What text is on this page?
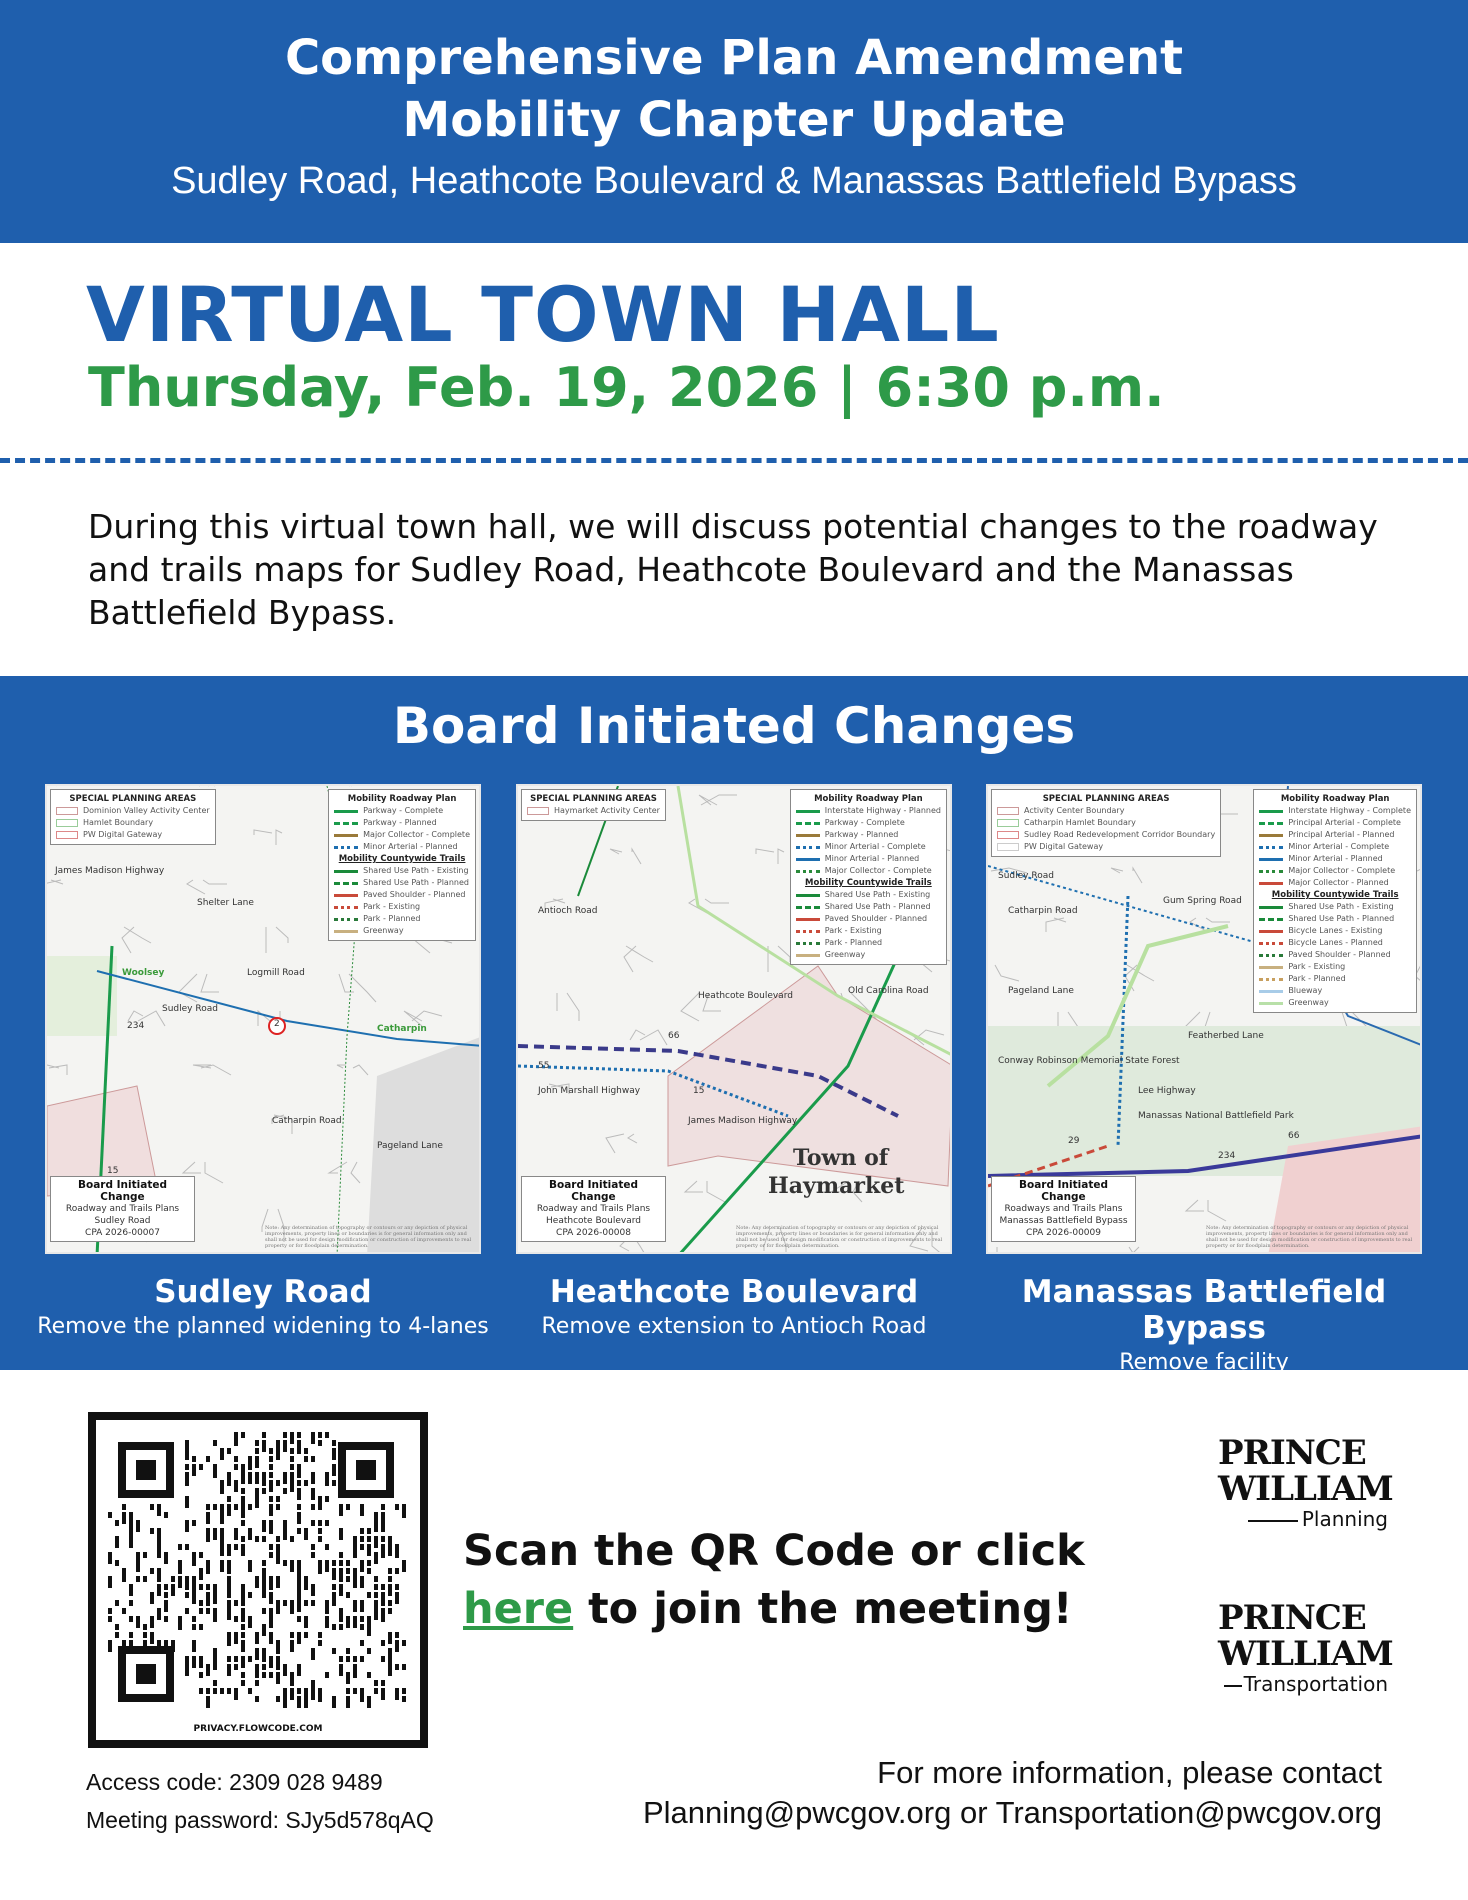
Comprehensive Plan Amendment
Mobility Chapter Update
Sudley Road, Heathcote Boulevard & Manassas Battlefield Bypass
VIRTUAL TOWN HALL
Thursday, Feb. 19, 2026 | 6:30 p.m.
During this virtual town hall, we will discuss potential changes to the roadway and trails maps for Sudley Road, Heathcote Boulevard and the Manassas Battlefield Bypass.
Board Initiated Changes
SPECIAL PLANNING AREAS
Dominion Valley Activity Center
Hamlet Boundary
PW Digital Gateway
Mobility Roadway Plan
Parkway - Complete
Parkway - Planned
Major Collector - Complete
Minor Arterial - Planned
Mobility Countywide Trails
Shared Use Path - Existing
Shared Use Path - Planned
Paved Shoulder - Planned
Park - Existing
Park - Planned
Greenway
Board Initiated Change
Roadway and Trails Plans
Sudley Road
CPA 2026-00007	Note: Any determination of topography or contours or any depiction of physical improvements, property lines or boundaries is for general information only and shall not be used for design modification or construction of improvements to real property or for floodplain determination.
James Madison Highway
Woolsey
Shelter Lane
Sudley Road
Logmill Road
Catharpin
Catharpin Road
Pageland Lane
234
15
2
Sudley Road
Remove the planned widening to 4-lanes
SPECIAL PLANNING AREAS
Haymarket Activity Center
Mobility Roadway Plan
Interstate Highway - Planned
Parkway - Complete
Parkway - Planned
Minor Arterial - Complete
Minor Arterial - Planned
Major Collector - Complete
Mobility Countywide Trails
Shared Use Path - Existing
Shared Use Path - Planned
Paved Shoulder - Planned
Park - Existing
Park - Planned
Greenway
Board Initiated Change
Roadway and Trails Plans
Heathcote Boulevard
CPA 2026-00008	Note: Any determination of topography or contours or any depiction of physical improvements, property lines or boundaries is for general information only and shall not be used for design modification or construction of improvements to real property or for floodplain determination.
Antioch Road
Heathcote Boulevard
John Marshall Highway
James Madison Highway
Old Carolina Road
Town of
Haymarket
66
55
15
Heathcote Boulevard
Remove extension to Antioch Road
SPECIAL PLANNING AREAS
Activity Center Boundary
Catharpin Hamlet Boundary
Sudley Road Redevelopment Corridor Boundary
PW Digital Gateway
Mobility Roadway Plan
Interstate Highway - Complete
Principal Arterial - Complete
Principal Arterial - Planned
Minor Arterial - Complete
Minor Arterial - Planned
Major Collector - Complete
Major Collector - Planned
Mobility Countywide Trails
Shared Use Path - Existing
Shared Use Path - Planned
Bicycle Lanes - Existing
Bicycle Lanes - Planned
Paved Shoulder - Planned
Park - Existing
Park - Planned
Blueway
Greenway
Board Initiated Change
Roadways and Trails Plans
Manassas Battlefield Bypass
CPA 2026-00009	Note: Any determination of topography or contours or any depiction of physical improvements, property lines or boundaries is for general information only and shall not be used for design modification or construction of improvements to real property or for floodplain determination.
Sudley Road
Catharpin Road
Pageland Lane
Gum Spring Road
Featherbed Lane
Lee Highway
Manassas National Battlefield Park
Conway Robinson Memorial State Forest
66
29
234
Manassas Battlefield Bypass
Remove facility
PRIVACY.FLOWCODE.COM
Scan the QR Code or click
here to join the meeting!
PRINCE WILLIAM
Planning
PRINCE WILLIAM
Transportation
Access code: 2309 028 9489
Meeting password: SJy5d578qAQ
For more information, please contact
Planning@pwcgov.org or Transportation@pwcgov.org
